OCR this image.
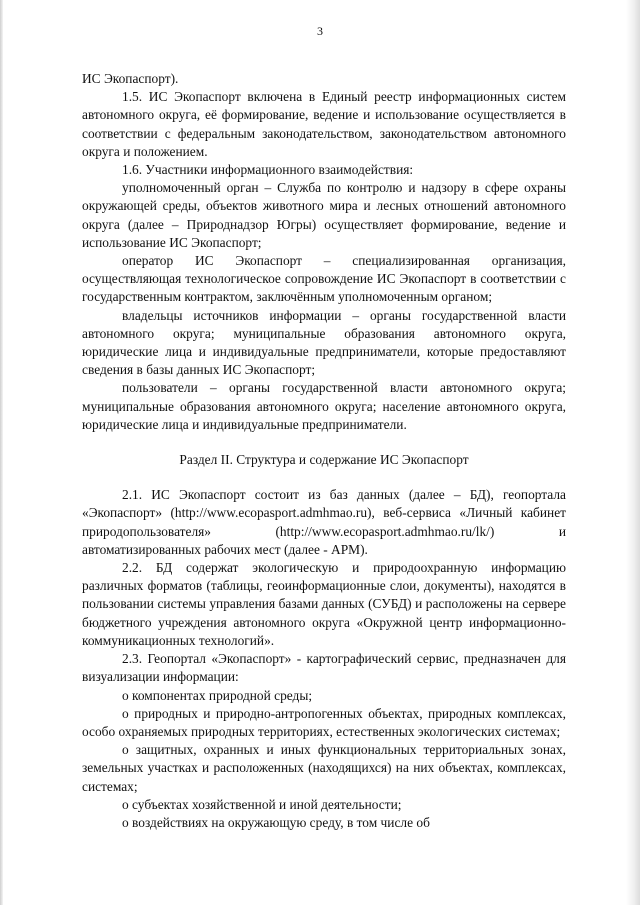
3

ИС Экопаспорт).

1.5. ИС Экопаспорт включена в Единый реестр информационных систем автономного округа, её формирование, ведение и использование осуществляется в соответствии с федеральным законодательством, законодательством автономного округа и положением.

1.6. Участники информационного взаимодействия:

уполномоченный орган – Служба по контролю и надзору в сфере охраны окружающей среды, объектов животного мира и лесных отношений автономного округа (далее – Природнадзор Югры) осуществляет формирование, ведение и использование ИС Экопаспорт;

оператор ИС Экопаспорт – специализированная организация, осуществляющая технологическое сопровождение ИС Экопаспорт в соответствии с государственным контрактом, заключённым уполномоченным органом;

владельцы источников информации – органы государственной власти автономного округа; муниципальные образования автономного округа, юридические лица и индивидуальные предприниматели, которые предоставляют сведения в базы данных ИС Экопаспорт;

пользователи – органы государственной власти автономного округа; муниципальные образования автономного округа; население автономного округа, юридические лица и индивидуальные предприниматели.

Раздел II. Структура и содержание ИС Экопаспорт

2.1. ИС Экопаспорт состоит из баз данных (далее – БД), геопортала «Экопаспорт» (http://www.ecopasport.admhmao.ru), веб-сервиса «Личный кабинет природопользователя» (http://www.ecopasport.admhmao.ru/lk/) и автоматизированных рабочих мест (далее - АРМ).

2.2. БД содержат экологическую и природоохранную информацию различных форматов (таблицы, геоинформационные слои, документы), находятся в пользовании системы управления базами данных (СУБД) и расположены на сервере бюджетного учреждения автономного округа «Окружной центр информационно-коммуникационных технологий».

2.3. Геопортал «Экопаспорт» - картографический сервис, предназначен для визуализации информации:

о компонентах природной среды;

о природных и природно-антропогенных объектах, природных комплексах, особо охраняемых природных территориях, естественных экологических системах;

о защитных, охранных и иных функциональных территориальных зонах, земельных участках и расположенных (находящихся) на них объектах, комплексах, системах;

о субъектах хозяйственной и иной деятельности;

о воздействиях на окружающую среду, в том числе об
